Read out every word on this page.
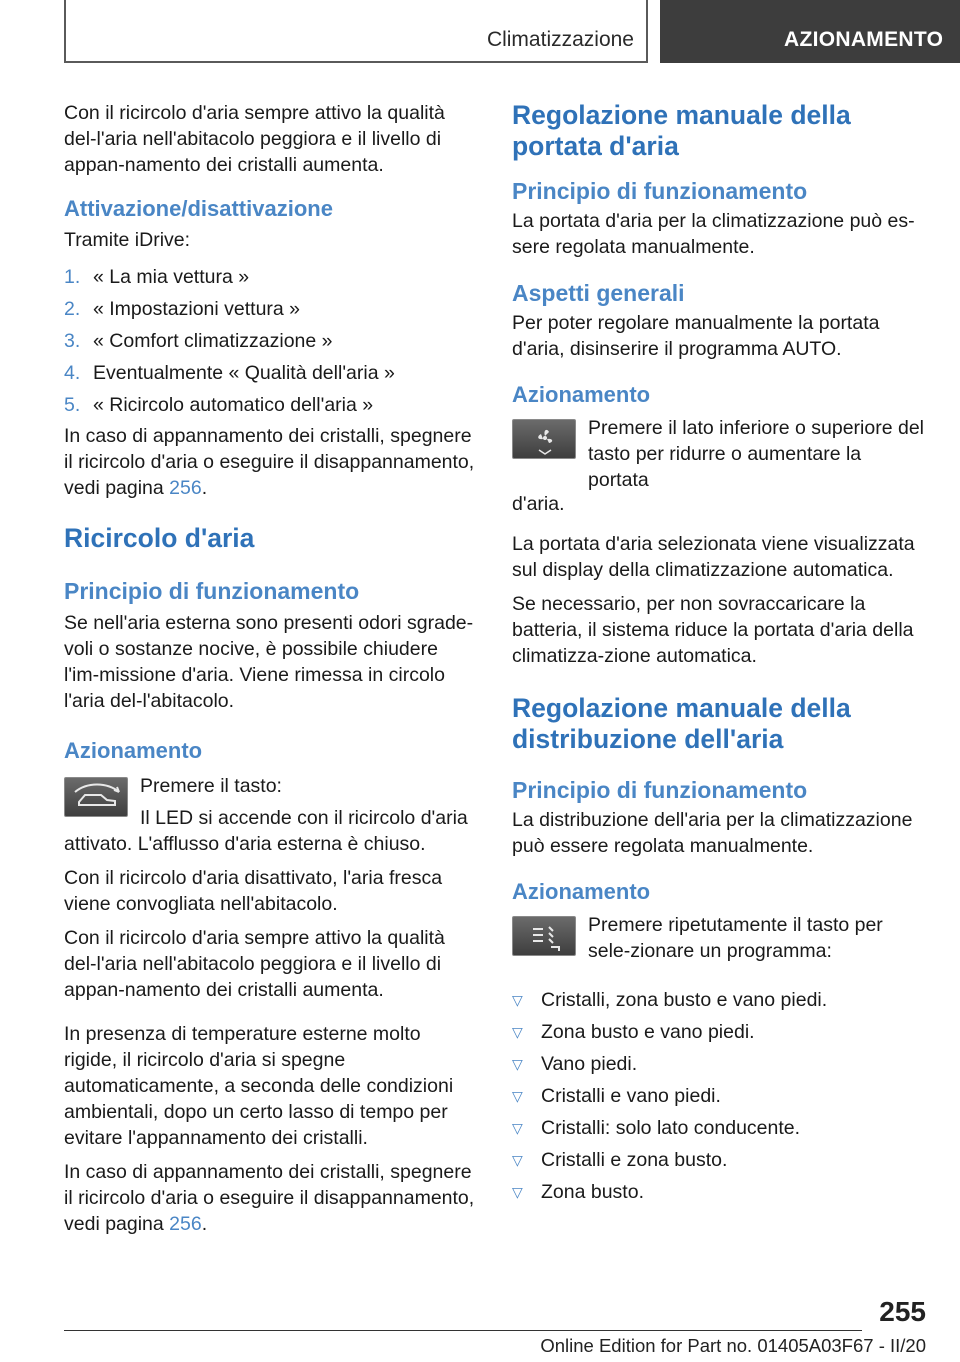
Climatizzazione	AZIONAMENTO

Con il ricircolo d'aria sempre attivo la qualità del-l'aria nell'abitacolo peggiora e il livello di appan-namento dei cristalli aumenta.

Attivazione/disattivazione

Tramite iDrive:

1. « La mia vettura »
2. « Impostazioni vettura »
3. « Comfort climatizzazione »
4. Eventualmente « Qualità dell'aria »
5. « Ricircolo automatico dell'aria »

In caso di appannamento dei cristalli, spegnere il ricircolo d'aria o eseguire il disappannamento, vedi pagina 256.

Ricircolo d'aria
Principio di funzionamento

Se nell'aria esterna sono presenti odori sgrade-voli o sostanze nocive, è possibile chiudere l'im-missione d'aria. Viene rimessa in circolo l'aria del-l'abitacolo.

Azionamento

Premere il tasto:

Il LED si accende con il ricircolo d'aria

attivato. L'afflusso d'aria esterna è chiuso.

Con il ricircolo d'aria disattivato, l'aria fresca viene convogliata nell'abitacolo.

Con il ricircolo d'aria sempre attivo la qualità del-l'aria nell'abitacolo peggiora e il livello di appan-namento dei cristalli aumenta.

In presenza di temperature esterne molto rigide, il ricircolo d'aria si spegne automaticamente, a seconda delle condizioni ambientali, dopo un certo lasso di tempo per evitare l'appannamento dei cristalli.

In caso di appannamento dei cristalli, spegnere il ricircolo d'aria o eseguire il disappannamento, vedi pagina 256.

Regolazione manuale della portata d'aria
Principio di funzionamento

La portata d'aria per la climatizzazione può es-sere regolata manualmente.

Aspetti generali

Per poter regolare manualmente la portata d'aria, disinserire il programma AUTO.

Azionamento

Premere il lato inferiore o superiore del tasto per ridurre o aumentare la portata

d'aria.

La portata d'aria selezionata viene visualizzata sul display della climatizzazione automatica.

Se necessario, per non sovraccaricare la batteria, il sistema riduce la portata d'aria della climatizza-zione automatica.

Regolazione manuale della distribuzione dell'aria
Principio di funzionamento

La distribuzione dell'aria per la climatizzazione può essere regolata manualmente.

Azionamento

Premere ripetutamente il tasto per sele-zionare un programma:

▽ Cristalli, zona busto e vano piedi.
▽ Zona busto e vano piedi.
▽ Vano piedi.
▽ Cristalli e vano piedi.
▽ Cristalli: solo lato conducente.
▽ Cristalli e zona busto.
▽ Zona busto.
255
Online Edition for Part no. 01405A03F67 - II/20
